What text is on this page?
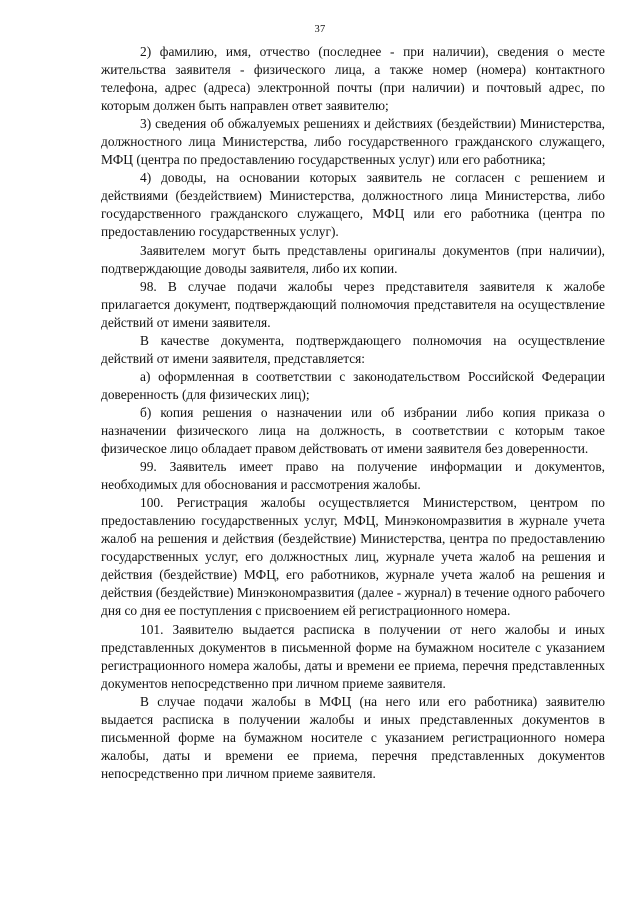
37

2) фамилию, имя, отчество (последнее - при наличии), сведения о месте жительства заявителя - физического лица, а также номер (номера) контактного телефона, адрес (адреса) электронной почты (при наличии) и почтовый адрес, по которым должен быть направлен ответ заявителю;

3) сведения об обжалуемых решениях и действиях (бездействии) Министерства, должностного лица Министерства, либо государственного гражданского служащего, МФЦ (центра по предоставлению государственных услуг) или его работника;

4) доводы, на основании которых заявитель не согласен с решением и действиями (бездействием) Министерства, должностного лица Министерства, либо государственного гражданского служащего, МФЦ или его работника (центра по предоставлению государственных услуг).

Заявителем могут быть представлены оригиналы документов (при наличии), подтверждающие доводы заявителя, либо их копии.

98. В случае подачи жалобы через представителя заявителя к жалобе прилагается документ, подтверждающий полномочия представителя на осуществление действий от имени заявителя.

В качестве документа, подтверждающего полномочия на осуществление действий от имени заявителя, представляется:

а) оформленная в соответствии с законодательством Российской Федерации доверенность (для физических лиц);

б) копия решения о назначении или об избрании либо копия приказа о назначении физического лица на должность, в соответствии с которым такое физическое лицо обладает правом действовать от имени заявителя без доверенности.

99. Заявитель имеет право на получение информации и документов, необходимых для обоснования и рассмотрения жалобы.

100. Регистрация жалобы осуществляется Министерством, центром по предоставлению государственных услуг, МФЦ, Минэкономразвития в журнале учета жалоб на решения и действия (бездействие) Министерства, центра по предоставлению государственных услуг, его должностных лиц, журнале учета жалоб на решения и действия (бездействие) МФЦ, его работников, журнале учета жалоб на решения и действия (бездействие) Минэкономразвития (далее - журнал) в течение одного рабочего дня со дня ее поступления с присвоением ей регистрационного номера.

101. Заявителю выдается расписка в получении от него жалобы и иных представленных документов в письменной форме на бумажном носителе с указанием регистрационного номера жалобы, даты и времени ее приема, перечня представленных документов непосредственно при личном приеме заявителя.

В случае подачи жалобы в МФЦ (на него или его работника) заявителю выдается расписка в получении жалобы и иных представленных документов в письменной форме на бумажном носителе с указанием регистрационного номера жалобы, даты и времени ее приема, перечня представленных документов непосредственно при личном приеме заявителя.
